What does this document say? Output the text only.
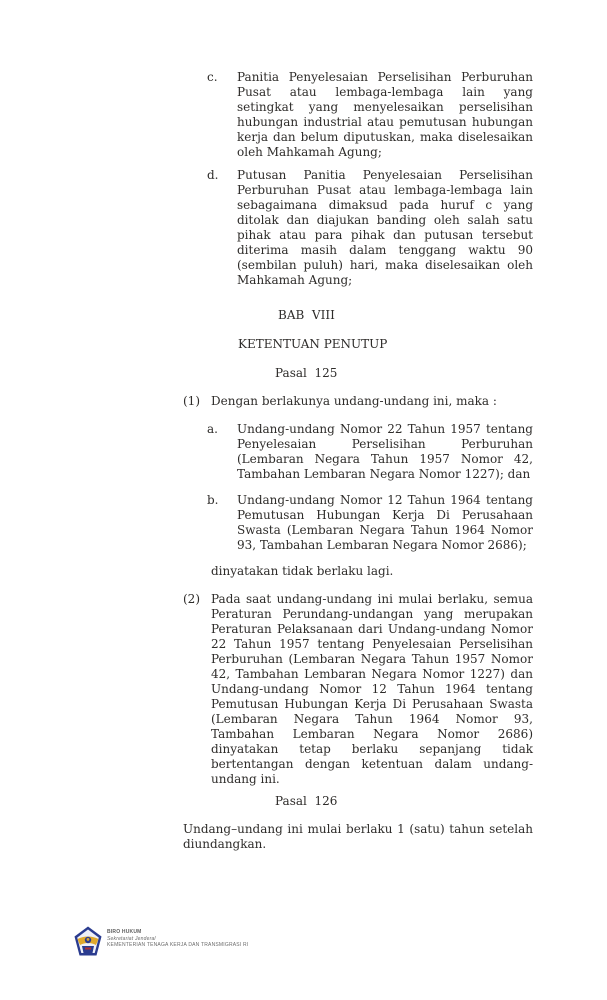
c.	Panitia Penyelesaian Perselisihan Perburuhan Pusat atau lembaga-lembaga lain yang setingkat yang menyelesaikan perselisihan hubungan industrial atau pemutusan hubungan kerja dan belum diputuskan, maka diselesaikan oleh Mahkamah Agung;
d.	Putusan Panitia Penyelesaian Perselisihan Perburuhan Pusat atau lembaga-lembaga lain sebagaimana dimaksud pada huruf c yang ditolak dan diajukan banding oleh salah satu pihak atau para pihak dan putusan tersebut diterima masih dalam tenggang waktu 90 (sembilan puluh) hari, maka diselesaikan oleh Mahkamah Agung;
BAB  VIII
KETENTUAN PENUTUP
Pasal  125
(1) Dengan berlakunya undang-undang ini, maka :
a.	Undang-undang Nomor 22 Tahun 1957 tentang Penyelesaian Perselisihan Perburuhan (Lembaran Negara Tahun 1957 Nomor 42, Tambahan Lembaran Negara Nomor 1227); dan
b.	Undang-undang Nomor 12 Tahun 1964 tentang Pemutusan Hubungan Kerja Di Perusahaan Swasta (Lembaran Negara Tahun 1964 Nomor 93, Tambahan Lembaran Negara Nomor 2686);
dinyatakan tidak berlaku lagi.
(2) Pada saat undang-undang ini mulai berlaku, semua Peraturan Perundang-undangan yang merupakan Peraturan Pelaksanaan dari Undang-undang Nomor 22 Tahun 1957 tentang Penyelesaian Perselisihan Perburuhan (Lembaran Negara Tahun 1957 Nomor 42, Tambahan Lembaran Negara Nomor 1227) dan Undang-undang Nomor 12 Tahun 1964 tentang Pemutusan Hubungan Kerja Di Perusahaan Swasta (Lembaran Negara Tahun 1964 Nomor 93, Tambahan Lembaran Negara Nomor 2686) dinyatakan tetap berlaku sepanjang tidak bertentangan dengan ketentuan dalam undang-undang ini.
Pasal  126
Undang–undang ini mulai berlaku 1 (satu) tahun setelah diundangkan.
BIRO HUKUM
Sekretariat Jenderal
KEMENTERIAN TENAGA KERJA DAN TRANSMIGRASI RI
